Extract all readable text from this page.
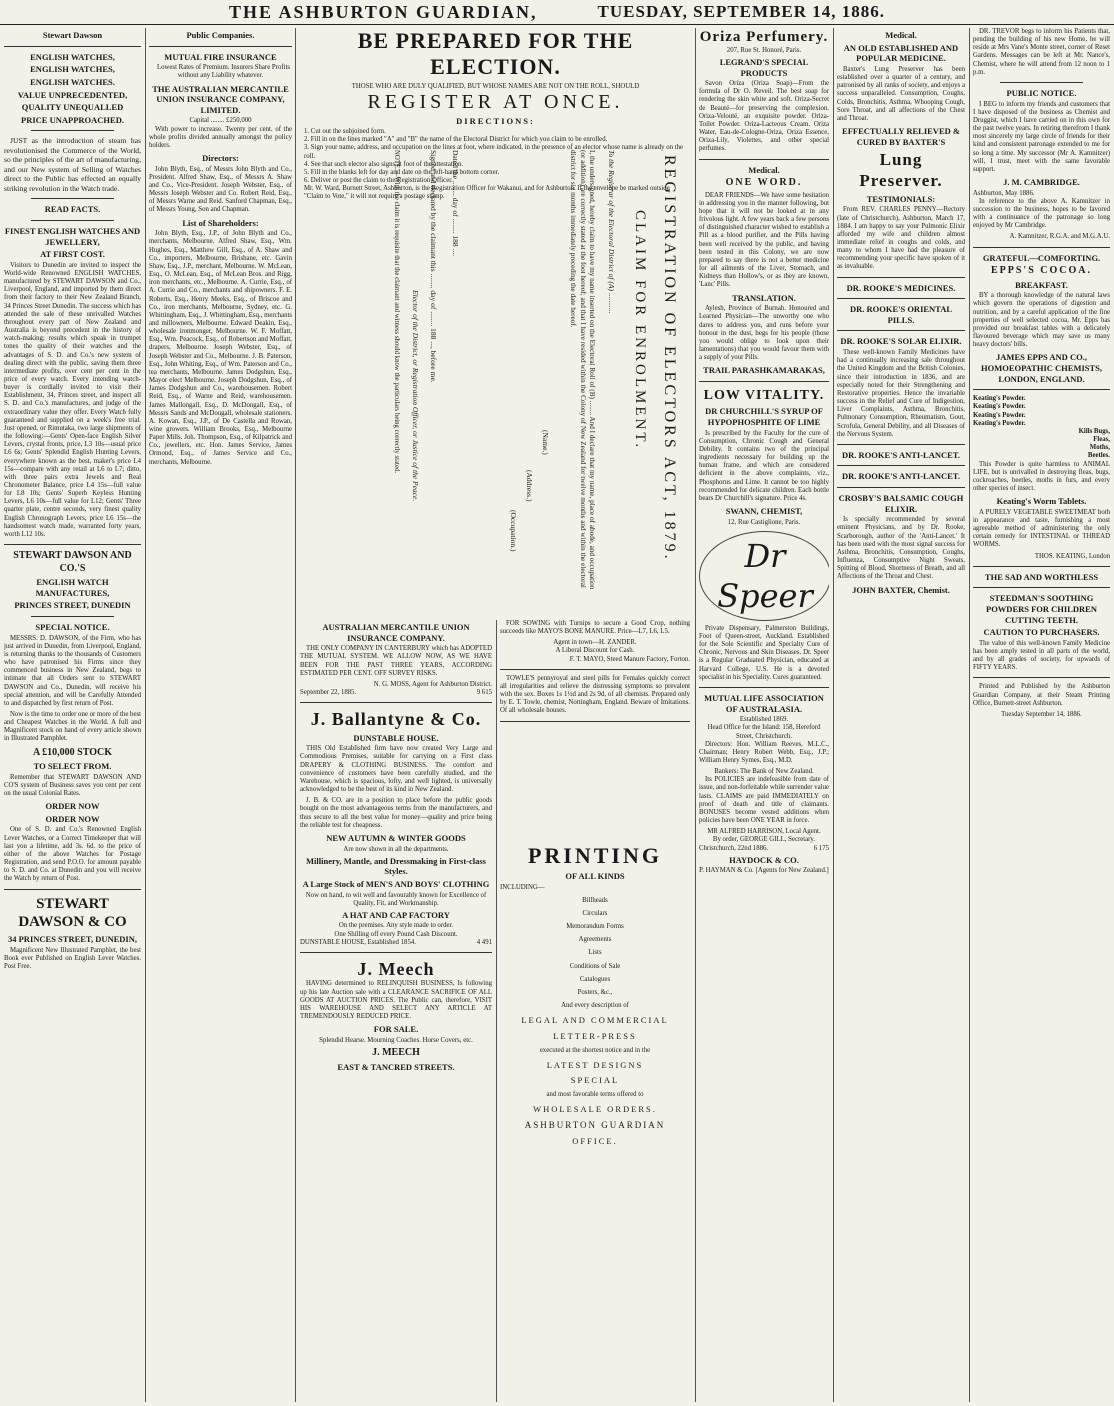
THE ASHBURTON GUARDIAN,	TUESDAY, SEPTEMBER 14, 1886.
Stewart Dawson
ENGLISH WATCHES,
ENGLISH WATCHES,
ENGLISH WATCHES.
VALUE UNPRECEDENTED,
QUALITY UNEQUALLED
PRICE UNAPPROACHED.

JUST as the introduction of steam has revolutionised the Commerce of the World, so the principles of the art of manufacturing, and our New system of Selling of Watches direct to the Public has effected an equally striking revolution in the Watch trade.

READ FACTS.
FINEST ENGLISH WATCHES AND JEWELLERY,
AT FIRST COST.

Visitors to Dunedin are invited to inspect the World-wide Renowned ENGLISH WATCHES, manufactured by STEWART DAWSON and Co., Liverpool, England, and imported by them direct from their factory to their New Zealand Branch, 34 Princes Street Dunedin. The success which has attended the sale of these unrivalled Watches throughout every part of New Zealand and Australia is beyond precedent in the history of watch-making; results which speak in trumpet tones the quality of their watches and the advantages of S. D. and Co.'s new system of dealing direct with the public, saving them three intermediate profits, over cent per cent in the price of every watch. Every intending watch-buyer is cordially invited to visit their Establishment, 34, Princes street, and inspect all S. D. and Co.'s manufactures, and judge of the extraordinary value they offer. Every Watch fully guaranteed and supplied on a week's free trial. Just opened, or Rimutaka, two large shipments of the following:—Gents' Open-face English Silver Levers, crystal fronts, price, L3 10s—usual price L6 6s; Gents' Splendid English Hunting Levers, everywhere known as the best, maker's price L4 15s—compare with any retail at L6 to L7; ditto, with three pairs extra Jewels and Real Chronometer Balance, price L4 15s—full value for L8 10s; Gents' Superb Keyless Hunting Levers, L6 10s—full value for L12; Gents' Three quarter plate, centre seconds, very finest quality English Chronograph Levers, price L6 15s—the handsomest watch made, warranted forty years, worth L12 10s.

STEWART DAWSON AND CO.'S
ENGLISH WATCH MANUFACTURES,
PRINCES STREET, DUNEDIN
SPECIAL NOTICE.

MESSRS. D. DAWSON, of the Firm, who has just arrived in Dunedin, from Liverpool, England, is returning thanks to the thousands of Customers who have patronised his Firms since they commenced business in New Zealand, begs to intimate that all Orders sent to STEWART DAWSON and Co., Dunedin, will receive his special attention, and will be Carefully Attended to and dispatched by first return of Post.

Now is the time to order one or more of the best and Cheapest Watches in the World. A full and Magnificent stock on hand of every article shown in Illustrated Pamphlet.

A £10,000 STOCK
TO SELECT FROM.

Remember that STEWART DAWSON AND CO'S system of Business saves you cent per cent on the usual Colonial Rates.

ORDER NOW
ORDER NOW

One of S. D. and Co.'s Renowned English Lever Watches, or a Correct Timekeeper that will last you a lifetime, add 3s. 6d. to the price of either of the above Watches for Postage Registration, and send P.O.O. for amount payable to S. D. and Co. at Dunedin and you will receive the Watch by return of Post.

STEWART DAWSON & CO
34 PRINCES STREET, DUNEDIN,

Magnificent New Illustrated Pamphlet, the best Book ever Published on English Lever Watches. Post Free.

Public Companies.
MUTUAL FIRE INSURANCE

Lowest Rates of Premium. Insurers Share Profits without any Liability whatever.

THE AUSTRALIAN MERCANTILE UNION INSURANCE COMPANY, LIMITED.
Capital ........ £250,000

With power to increase. Twenty per cent. of the whole profits divided annually amongst the policy holders.

Directors:

John Blyth, Esq., of Messrs John Blyth and Co., President. Alfred Shaw, Esq., of Messrs A. Shaw and Co., Vice-President. Joseph Webster, Esq., of Messrs Joseph Webster and Co. Robert Reid, Esq., of Messrs Warne and Reid. Sanford Chapman, Esq., of Messrs Young, Son and Chapman.

List of Shareholders:

John Blyth, Esq., J.P., of John Blyth and Co., merchants, Melbourne. Alfred Shaw, Esq., Wm. Hughes, Esq., Matthew Gill, Esq., of A. Shaw and Co., importers, Melbourne, Brisbane, etc. Gavin Shaw, Esq., J.P., merchant, Melbourne. W. McLean, Esq., O. McLean, Esq., of McLean Bros. and Rigg, iron merchants, etc., Melbourne. A. Currie, Esq., of A. Currie and Co., merchants and shipowners. F. E. Roberts, Esq., Henry Meeks, Esq., of Briscoe and Co., iron merchants, Melbourne, Sydney, etc. G. Whittingham, Esq., J. Whittingham, Esq., merchants and millowners, Melbourne. Edward Deakin, Esq., wholesale ironmonger, Melbourne. W. F. Moffatt, Esq., Wm. Peacock, Esq., of Robertson and Moffatt, drapers, Melbourne. Joseph Webster, Esq., of Joseph Webster and Co., Melbourne. J. B. Paterson, Esq., John Whiting, Esq., of Wm. Paterson and Co., tea merchants, Melbourne. James Dodgshun, Esq., Mayor elect Melbourne. Joseph Dodgshun, Esq., of James Dodgshun and Co., warehousemen. Robert Reid, Esq., of Warne and Reid, warehousemen. James Mallongall, Esq., D. McDongall, Esq., of Messrs Sands and McDougall, wholesale stationers. A. Kowan, Esq., J.P., of De Castella and Rowan, wine growers. William Brooks, Esq., Melbourne Paper Mills. Joh. Thompson, Esq., of Kilpatrick and Co., jewellers, etc. Hon. James Service, James Ormond, Esq., of James Service and Co., merchants, Melbourne.

BE PREPARED FOR THE ELECTION.
THOSE WHO ARE DULY QUALIFIED, BUT WHOSE NAMES ARE NOT ON THE ROLL, SHOULD
REGISTER AT ONCE.
DIRECTIONS:
1. Cut out the subjoined form.
2. Fill in on the lines marked "A" and "B" the name of the Electoral District for which you claim to be enrolled.
3. Sign your name, address, and occupation on the lines at foot, where indicated, in the presence of an elector whose name is already on the roll.
4. See that such elector also signs at foot of the attestation.
5. Fill in the blanks left for day and date on the left-hand bottom corner.
6. Deliver or post the claim to the Registration Officer.
Mr. W. Ward, Burnett Street, Ashburton, is the Registration Officer for Wakanui, and for Ashburton. If the envelope be marked outside "Claim to Vote," it will not require a postage stamp.	REGISTRATION OF ELECTORS ACT, 1879.
CLAIM FOR ENROLMENT.
To the Registrar of the Electoral District of (A) ...........
I, the undersigned, hereby claim to have my name inserted on the Electoral Roll of (B) ........ And I declare that my name, place of abode, and occupation (or addition) are correctly stated at the foot hereof; and that I have resided within the Colony of New Zealand for twelve months and within the electoral district for six months immediately preceding the date hereof.
(Name.)
(Address.)
(Occupation.)
Dated the ........ day of ........ 188 ....
Signed and declared by the claimant this ........ day of ........ 188 ..., before me.
Elector of the District, or Registration Officer, or Justice of the Peace.
NOTE.—With the claim it is requisite that the claimant and witness should know the particulars being correctly stated.
AUSTRALIAN MERCANTILE UNION INSURANCE COMPANY.

THE ONLY COMPANY IN CANTERBURY which has ADOPTED THE MUTUAL SYSTEM. WE ALLOW NOW, AS WE HAVE BEEN FOR THE PAST THREE YEARS, ACCORDING ESTIMATED PER CENT. OFF SURVEY RISKS.

N. G. MOSS, Agent for Ashburton District.
September 22, 1885.	9 615
J. Ballantyne & Co.
DUNSTABLE HOUSE.

THIS Old Established firm have now created Very Large and Commodious Premises, suitable for carrying on a First class DRAPERY & CLOTHING BUSINESS. The comfort and convenience of customers have been carefully studied, and the Warehouse, which is spacious, lofty, and well lighted, is universally acknowledged to be the best of its kind in New Zealand.

J. B. & CO. are in a position to place before the public goods bought on the most advantageous terms from the manufacturers, and thus secure to all the best value for money—quality and price being the reliable test for cheapness.

NEW AUTUMN & WINTER GOODS
Are now shown in all the departments.
Millinery, Mantle, and Dressmaking in First-class Styles.
A Large Stock of MEN'S AND BOYS' CLOTHING
Now on hand, to wit well and favourably known for Excellence of Quality, Fit, and Workmanship.
A HAT AND CAP FACTORY
On the premises. Any style made to order.
One Shilling off every Pound Cash Discount.
DUNSTABLE HOUSE, Established 1854.	4 491
J. Meech

HAVING determined to RELINQUISH BUSINESS, Is following up his late Auction sale with a CLEARANCE SACRIFICE OF ALL GOODS AT AUCTION PRICES. The Public can, therefore, VISIT HIS WAREHOUSE AND SELECT ANY ARTICLE AT TREMENDOUSLY REDUCED PRICE.

FOR SALE.
Splendid Hearse. Mourning Coaches. Horse Covers, etc.
J. MEECH
EAST & TANCRED STREETS.

FOR SOWING with Turnips to secure a Good Crop, nothing succeeds like MAYO'S BONE MANURE. Price—L7, L6, L5.

Agent in town—H. ZANDER.
A Liberal Discount for Cash.
F. T. MAYO, Steed Manure Factory, Forton.

TOWLE'S pennyroyal and steel pills for Females quickly correct all irregularities and relieve the distressing symptoms so prevalent with the sex. Boxes 1s 1½d and 2s 9d, of all chemists. Prepared only by E. T. Towle, chemist, Nottingham, England. Beware of Imitations. Of all wholesale houses.

PRINTING
OF ALL KINDS
INCLUDING—
Billheads
Circulars
Memorandum Forms
Agreements
Lists
Conditions of Sale
Catalogues
Posters, &c.,
And every description of
LEGAL AND COMMERCIAL
LETTER-PRESS
executed at the shortest notice and in the
LATEST DESIGNS
SPECIAL
and most favorable terms offered to
WHOLESALE ORDERS.
ASHBURTON GUARDIAN
OFFICE.
Oriza Perfumery.
207, Rue St. Honoré, Paris.
LEGRAND'S SPECIAL PRODUCTS

Savon Oriza (Oriza Soap)—From the formula of Dr O. Reveil. The best soap for rendering the skin white and soft. Oriza-Secret de Beauté—for preserving the complexion. Oriza-Velouté, an exquisite powder. Oriza-Toilet Powder. Oriza-Lacteous Cream. Oriza Water, Eau-de-Cologne-Oriza, Oriza Essence, Oriza-Lily, Violettes, and other special perfumes.

Medical.
ONE WORD.

DEAR FRIENDS—We have some hesitation in addressing you in the manner following, but hope that it will not be looked at in any frivolous light. A few years back a few persons of distinguished character wished to establish a Pill as a blood purifier, and the Pills having been well received by the public, and having been tested in this Colony, we are now prepared to say there is not a better medicine for all ailments of the Liver, Stomach, and Kidneys than Hollow's, or as they are known, 'Lanc' Pills.

TRANSLATION.

Aylesh, Province of Burnah. Honoured and Learned Physician—The unworthy one who dares to address you, and runs before your honour in the dust, begs for his people (those you would oblige to look upon their lamentations) that you would favour them with a supply of your Pills.

TRAIL PARASHKAMARAKAS,
LOW VITALITY.
DR CHURCHILL'S SYRUP OF HYPOPHOSPHITE OF LIME

Is prescribed by the Faculty for the cure of Consumption, Chronic Cough and General Debility. It contains two of the principal ingredients necessary for building up the human frame, and which are considered deficient in the above complaints, viz., Phosphorus and Lime. It cannot be too highly recommended for delicate children. Each bottle bears Dr Churchill's signature. Price 4s.

SWANN, CHEMIST,
12, Rue Castiglione, Paris.
Dr Speer

Private Dispensary, Palmerston Buildings, Foot of Queen-street, Auckland. Established for the Sole Scientific and Specialty Cure of Chronic, Nervous and Skin Diseases. Dr. Speer is a Regular Graduated Physician, educated at Harvard College, U.S. He is a devoted specialist in his Speciality. Cures guaranteed.

MUTUAL LIFE ASSOCIATION OF AUSTRALASIA.
Established 1869.
Head Office for the Island: 158, Hereford Street, Christchurch.

Directors: Hon. William Reeves, M.L.C., Chairman; Henry Robert Webb, Esq., J.P.; William Henry Symes, Esq., M.D.

Bankers: The Bank of New Zealand.

Its POLICIES are indefeasible from date of issue, and non-forfeitable while surrender value lasts. CLAIMS are paid IMMEDIATELY on proof of death and title of claimants. BONUSES become vested additions when policies have been ONE YEAR in force.

MR ALFRED HARRISON, Local Agent.
By order, GEORGE GILL, Secretary.
Christchurch, 22nd 1886.	6 175
HAYDOCK & CO.
P. HAYMAN & Co. [Agents for New Zealand.]
Medical.
AN OLD ESTABLISHED AND POPULAR MEDICINE.

Baxter's Lung Preserver has been established over a quarter of a century, and patronised by all ranks of society, and enjoys a success unparalleled. Consumption, Coughs, Colds, Bronchitis, Asthma, Whooping Cough, Sore Throat, and all affections of the Chest and Throat.

EFFECTUALLY RELIEVED & CURED BY BAXTER'S
Lung Preserver.
TESTIMONIALS:

From REV. CHARLES PENNY—Rectory (late of Christchurch), Ashburton, March 17, 1884. I am happy to say your Pulmonic Elixir afforded my wife and children almost immediate relief in coughs and colds, and many to whom I have had the pleasure of recommending your specific have spoken of it as invaluable.

DR. ROOKE'S MEDICINES.
DR. ROOKE'S ORIENTAL PILLS.
DR. ROOKE'S SOLAR ELIXIR.

These well-known Family Medicines have had a continually increasing sale throughout the United Kingdom and the British Colonies, since their introduction in 1836, and are especially noted for their Strengthening and Restorative properties. Hence the invariable success in the Relief and Cure of Indigestion, Liver Complaints, Asthma, Bronchitis, Pulmonary Consumption, Rheumatism, Gout, Scrofula, General Debility, and all Diseases of the Nervous System.

DR. ROOKE'S ANTI-LANCET.
DR. ROOKE'S ANTI-LANCET.
CROSBY'S BALSAMIC COUGH ELIXIR.

Is specially recommended by several eminent Physicians, and by Dr. Rooke, Scarborough, author of the 'Anti-Lancet.' It has been used with the most signal success for Asthma, Bronchitis, Consumption, Coughs, Influenza, Consumptive Night Sweats, Spitting of Blood, Shortness of Breath, and all Affections of the Throat and Chest.

JOHN BAXTER, Chemist.

DR. TREVOR begs to inform his Patients that, pending the building of his new Home, he will reside at Mrs Vane's Monte street, corner of Reset Gardens. Messages can be left at Mr. Nance's, Chemist, where he will attend from 12 noon to 1 p.m.

PUBLIC NOTICE.

I BEG to inform my friends and customers that I have disposed of the business as Chemist and Druggist, which I have carried on in this own for the past twelve years. In retiring therefrom I thank most sincerely my large circle of friends for their kind and consistent patronage extended to me for so long a time. My successor (Mr A. Kamnitzer) will, I trust, meet with the same favorable support.

J. M. CAMBRIDGE.
Ashburton, May 1886.

In reference to the above A. Kamnitzer in succession to the business, hopes to be favored with a continuance of the patronage so long enjoyed by Mr Cambridge.

A. Kamnitzer, R.G.A. and M.G.A.U.
GRATEFUL—COMFORTING.
EPPS'S COCOA.
BREAKFAST.

BY a thorough knowledge of the natural laws which govern the operations of digestion and nutrition, and by a careful application of the fine properties of well selected cocoa, Mr. Epps has provided our breakfast tables with a delicately flavoured beverage which may save us many heavy doctors' bills.

JAMES EPPS AND CO., HOMOEOPATHIC CHEMISTS, LONDON, ENGLAND.
Keating's Powder.
Keating's Powder.
Keating's Powder.
Keating's Powder.
Kills Bugs,
Fleas,
Moths,
Beetles.

This Powder is quite harmless to ANIMAL LIFE, but is unrivalled in destroying fleas, bugs, cockroaches, beetles, moths in furs, and every other species of insect.

Keating's Worm Tablets.

A PURELY VEGETABLE SWEETMEAT both in appearance and taste, furnishing a most agreeable method of administering the only certain remedy for INTESTINAL or THREAD WORMS.

THOS. KEATING, London
THE SAD AND WORTHLESS
STEEDMAN'S SOOTHING POWDERS FOR CHILDREN CUTTING TEETH.
CAUTION TO PURCHASERS.

The value of this well-known Family Medicine has been amply tested in all parts of the world, and by all grades of society, for upwards of FIFTY YEARS.

Printed and Published by the Ashburton Guardian Company, at their Steam Printing Office, Burnett-street Ashburton.

Tuesday September 14, 1886.
